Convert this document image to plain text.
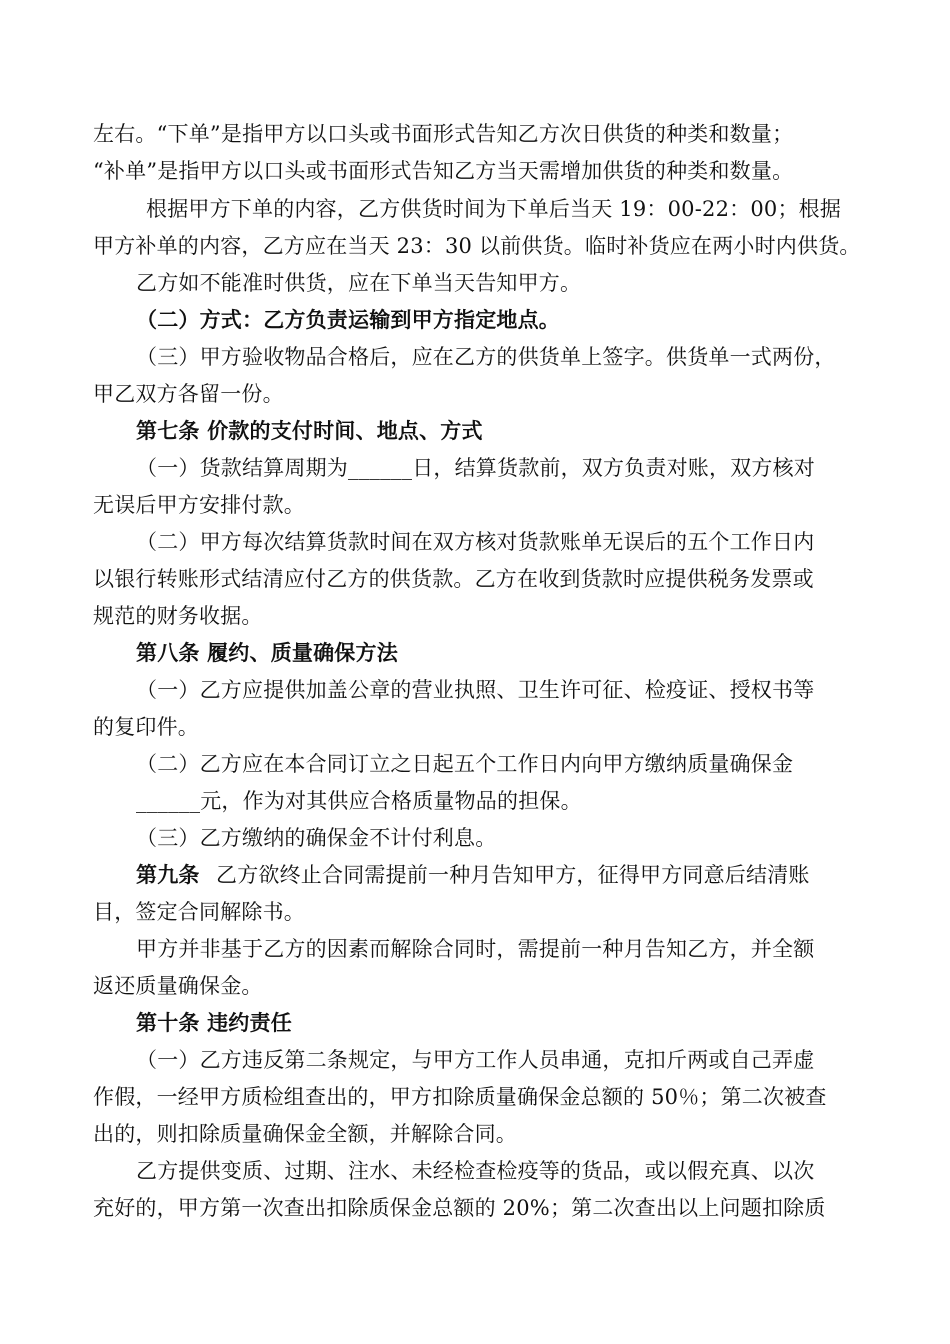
左右。“下单”是指甲方以口头或书面形式告知乙方次日供货的种类和数量；
“补单”是指甲方以口头或书面形式告知乙方当天需增加供货的种类和数量。
根据甲方下单的内容，乙方供货时间为下单后当天 19：00-22：00；根据
甲方补单的内容，乙方应在当天 23：30 以前供货。临时补货应在两小时内供货。
乙方如不能准时供货，应在下单当天告知甲方。
（二）方式：乙方负责运输到甲方指定地点。
（三）甲方验收物品合格后，应在乙方的供货单上签字。供货单一式两份，
甲乙双方各留一份。
第七条 价款的支付时间、地点、方式
（一）货款结算周期为______日，结算货款前，双方负责对账，双方核对
无误后甲方安排付款。
（二）甲方每次结算货款时间在双方核对货款账单无误后的五个工作日内
以银行转账形式结清应付乙方的供货款。乙方在收到货款时应提供税务发票或
规范的财务收据。
第八条 履约、质量确保方法
（一）乙方应提供加盖公章的营业执照、卫生许可征、检疫证、授权书等
的复印件。
（二）乙方应在本合同订立之日起五个工作日内向甲方缴纳质量确保金
______元，作为对其供应合格质量物品的担保。
（三）乙方缴纳的确保金不计付利息。
第九条 乙方欲终止合同需提前一种月告知甲方，征得甲方同意后结清账
目，签定合同解除书。
甲方并非基于乙方的因素而解除合同时，需提前一种月告知乙方，并全额
返还质量确保金。
第十条 违约责任
（一）乙方违反第二条规定，与甲方工作人员串通，克扣斤两或自己弄虚
作假，一经甲方质检组查出的，甲方扣除质量确保金总额的 50％；第二次被查
出的，则扣除质量确保金全额，并解除合同。
乙方提供变质、过期、注水、未经检查检疫等的货品，或以假充真、以次
充好的，甲方第一次查出扣除质保金总额的 20%；第二次查出以上问题扣除质
